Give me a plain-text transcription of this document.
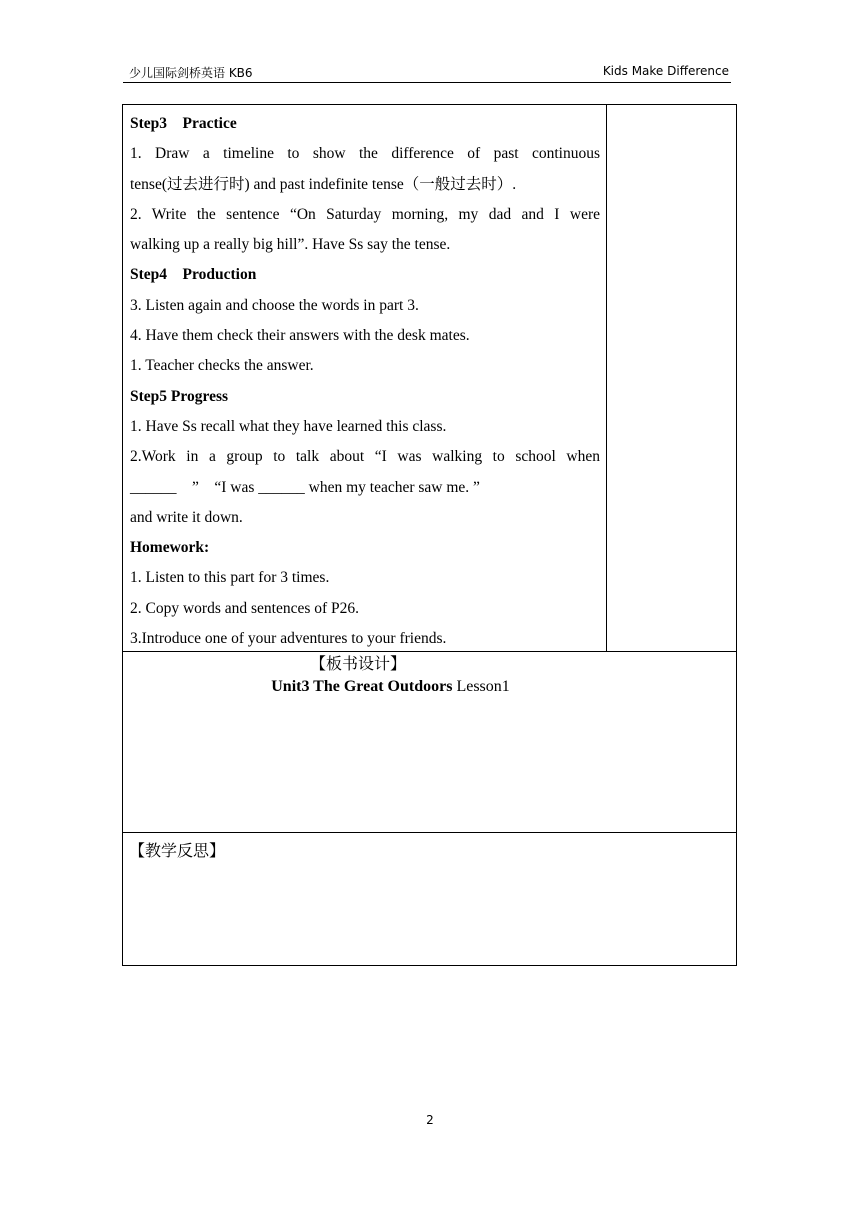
少儿国际剑桥英语 KB6	Kids Make Difference
Step3　Practice
1. Draw a timeline to show the difference of past continuous
tense(过去进行时) and past indefinite tense（一般过去时）.
2. Write the sentence “On Saturday morning, my dad and I were
walking up a really big hill”. Have Ss say the tense.
Step4　Production
3. Listen again and choose the words in part 3.
4. Have them check their answers with the desk mates.
1. Teacher checks the answer.
Step5 Progress
1. Have Ss recall what they have learned this class.
2.Work in a group to talk about “I was walking to school when
______　”　“I was ______ when my teacher saw me. ”
and write it down.
Homework:
1. Listen to this part for 3 times.
2. Copy words and sentences of P26.
3.Introduce one of your adventures to your friends.
【板书设计】
Unit3 The Great Outdoors Lesson1
【教学反思】
2
